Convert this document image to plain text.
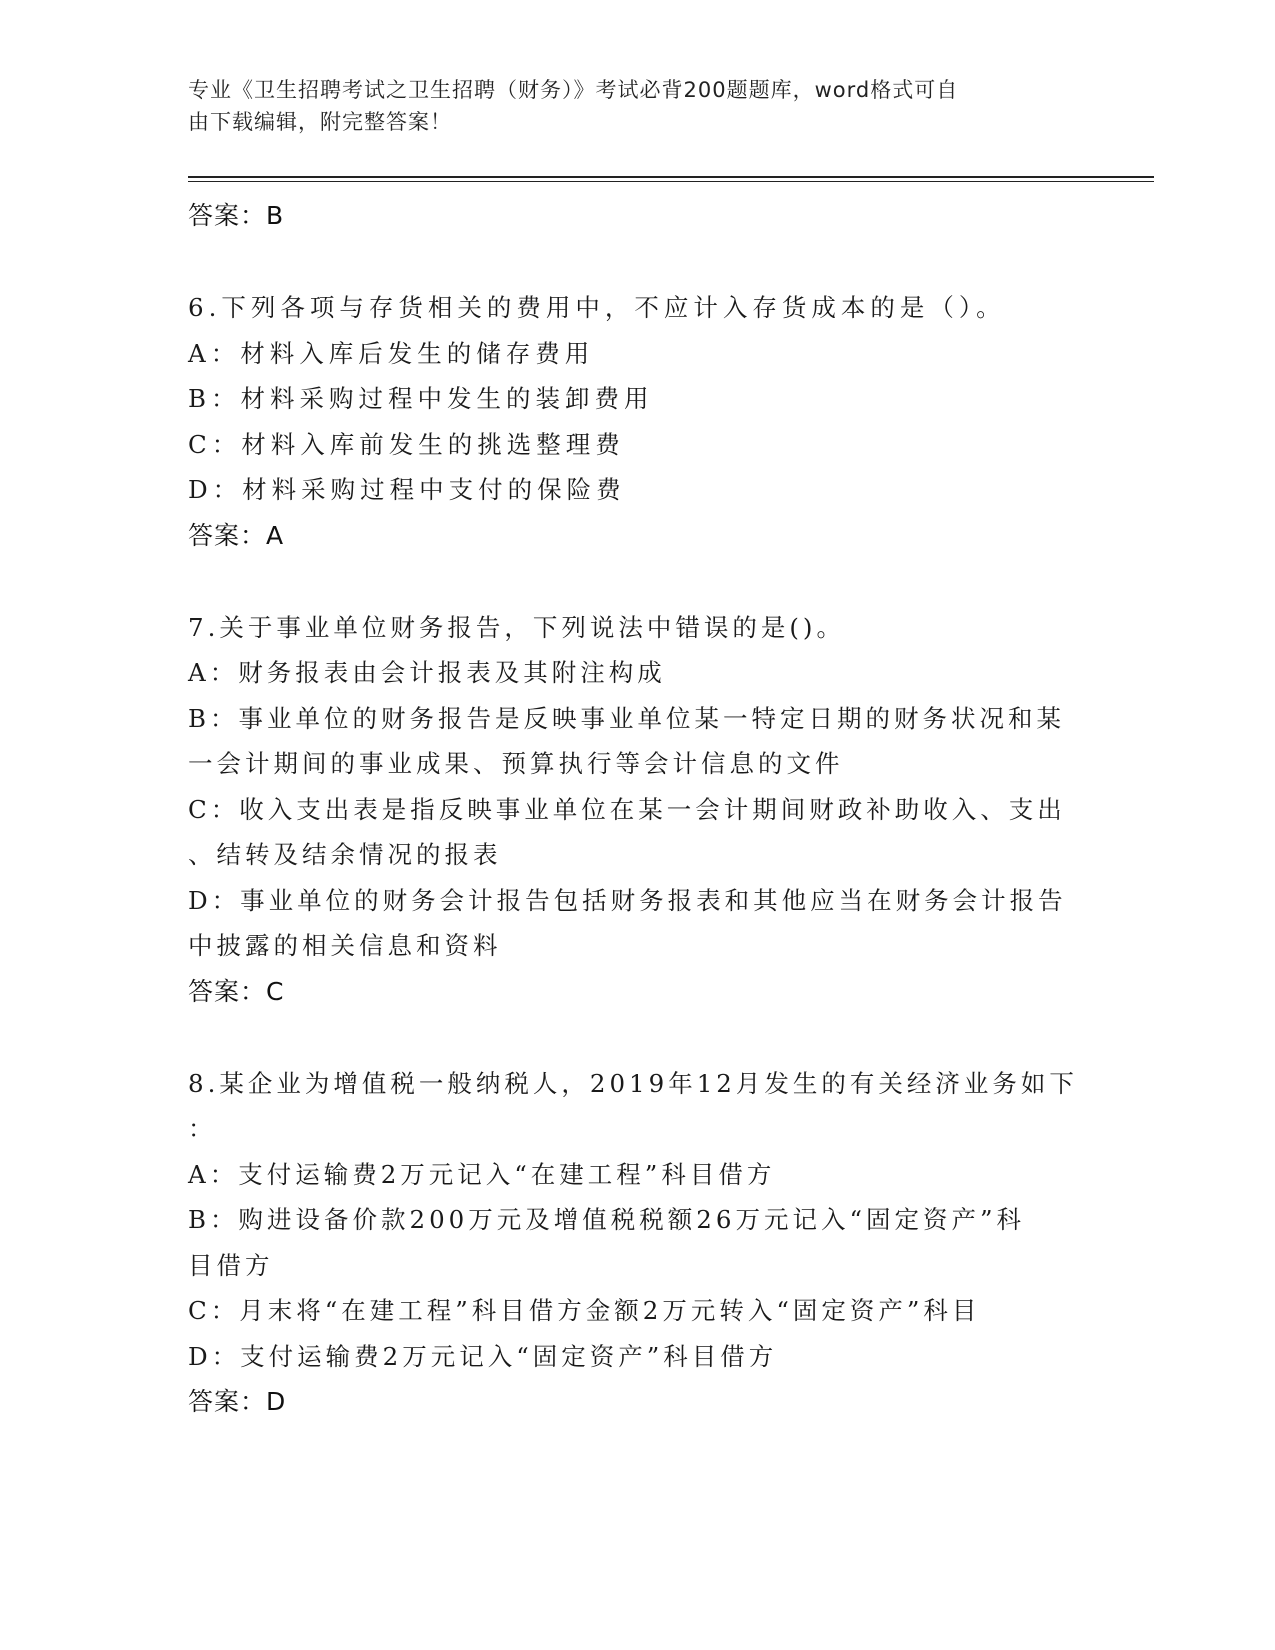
专业《卫生招聘考试之卫生招聘（财务）》考试必背200题题库，word格式可自
由下载编辑，附完整答案！
答案：B
6.下列各项与存货相关的费用中，不应计入存货成本的是（）。
A：材料入库后发生的储存费用
B：材料采购过程中发生的装卸费用
C：材料入库前发生的挑选整理费
D：材料采购过程中支付的保险费
答案：A
7.关于事业单位财务报告，下列说法中错误的是()。
A：财务报表由会计报表及其附注构成
B：事业单位的财务报告是反映事业单位某一特定日期的财务状况和某
一会计期间的事业成果、预算执行等会计信息的文件
C：收入支出表是指反映事业单位在某一会计期间财政补助收入、支出
、结转及结余情况的报表
D：事业单位的财务会计报告包括财务报表和其他应当在财务会计报告
中披露的相关信息和资料
答案：C
8.某企业为增值税一般纳税人，2019年12月发生的有关经济业务如下
：
A：支付运输费2万元记入“在建工程”科目借方
B：购进设备价款200万元及增值税税额26万元记入“固定资产”科
目借方
C：月末将“在建工程”科目借方金额2万元转入“固定资产”科目
D：支付运输费2万元记入“固定资产”科目借方
答案：D
